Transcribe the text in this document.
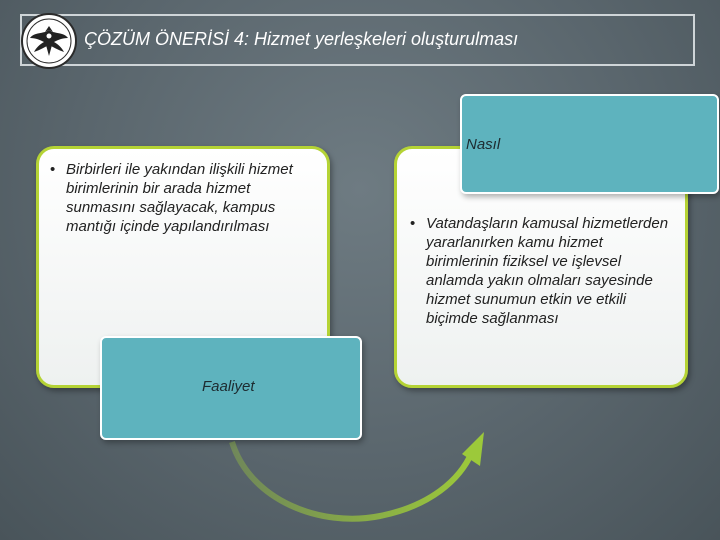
ÇÖZÜM ÖNERİSİ 4: Hizmet yerleşkeleri oluşturulması
• Birbirleri ile yakından ilişkili hizmet birimlerinin bir arada hizmet sunmasını sağlayacak, kampus mantığı içinde yapılandırılması	• Vatandaşların kamusal hizmetlerden yararlanırken kamu hizmet birimlerinin fiziksel ve işlevsel anlamda yakın olmaları sayesinde hizmet sunumun etkin ve etkili biçimde sağlanması
Nasıl
Faaliyet
